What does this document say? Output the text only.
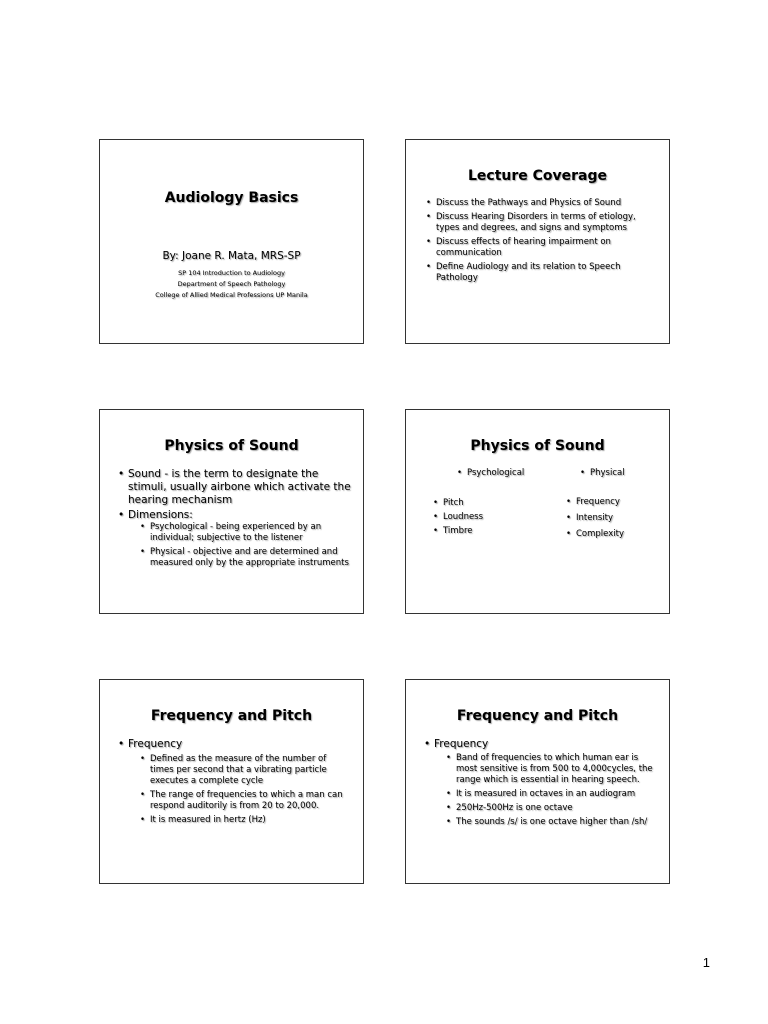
Audiology Basics
By: Joane R. Mata, MRS-SP
SP 104 Introduction to Audiology
Department of Speech Pathology
College of Allied Medical Professions UP Manila
Lecture Coverage
• Discuss the Pathways and Physics of Sound
• Discuss Hearing Disorders in terms of etiology, types and degrees, and signs and symptoms
• Discuss effects of hearing impairment on communication
• Define Audiology and its relation to Speech Pathology
Physics of Sound
• Sound - is the term to designate the stimuli, usually airbone which activate the hearing mechanism
• Dimensions:
• Psychological - being experienced by an individual; subjective to the listener
• Physical - objective and are determined and measured only by the appropriate instruments
Physics of Sound
• Psychological
• Pitch
• Loudness
• Timbre
• Physical
• Frequency
• Intensity
• Complexity
Frequency and Pitch
• Frequency
• Defined as the measure of the number of times per second that a vibrating particle executes a complete cycle
• The range of frequencies to which a man can respond auditorily is from 20 to 20,000.
• It is measured in hertz (Hz)
Frequency and Pitch
• Frequency
• Band of frequencies to which human ear is most sensitive is from 500 to 4,000cycles, the range which is essential in hearing speech.
• It is measured in octaves in an audiogram
• 250Hz-500Hz is one octave
• The sounds /s/ is one octave higher than /sh/
1
